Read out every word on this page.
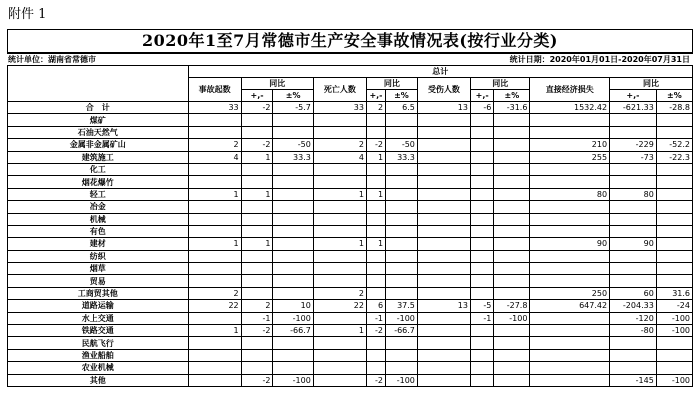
附件 1
2020年1至7月常德市生产安全事故情况表(按行业分类)
统计单位：湖南省常德市	统计日期：2020年01月01日-2020年07月31日
	总计											
	事故起数	同比		死亡人数	同比		受伤人数	同比		直接经济损失	同比	
		+,-	±%		+,-	±%		+,-	±%		+,-	±%
合　计	33	-2	-5.7	33	2	6.5	13	-6	-31.6	1532.42	-621.33	-28.8
煤矿												
石油天然气												
金属非金属矿山	2	-2	-50	2	-2	-50				210	-229	-52.2
建筑施工	4	1	33.3	4	1	33.3				255	-73	-22.3
化工												
烟花爆竹												
轻工	1	1		1	1					80	80	
冶金												
机械												
有色												
建材	1	1		1	1					90	90	
纺织												
烟草												
贸易												
工商贸其他	2			2						250	60	31.6
道路运输	22	2	10	22	6	37.5	13	-5	-27.8	647.42	-204.33	-24
水上交通		-1	-100		-1	-100		-1	-100		-120	-100
铁路交通	1	-2	-66.7	1	-2	-66.7					-80	-100
民航飞行												
渔业船舶												
农业机械												
其他		-2	-100		-2	-100					-145	-100
